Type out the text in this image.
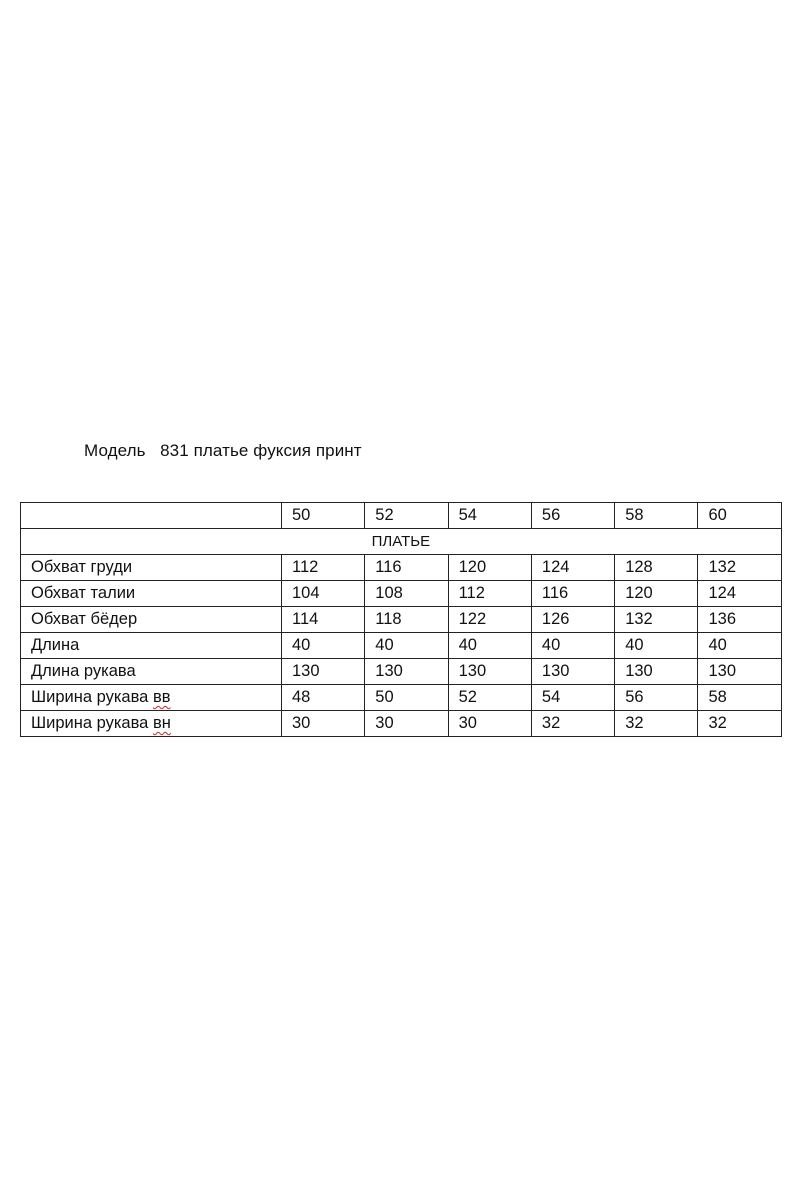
Модель   831 платье фуксия принт
	50	52	54	56	58	60
ПЛАТЬЕ						
Обхват груди	112	116	120	124	128	132
Обхват талии	104	108	112	116	120	124
Обхват бёдер	114	118	122	126	132	136
Длина	40	40	40	40	40	40
Длина рукава	130	130	130	130	130	130
Ширина рукава вв	48	50	52	54	56	58
Ширина рукава вн	30	30	30	32	32	32
